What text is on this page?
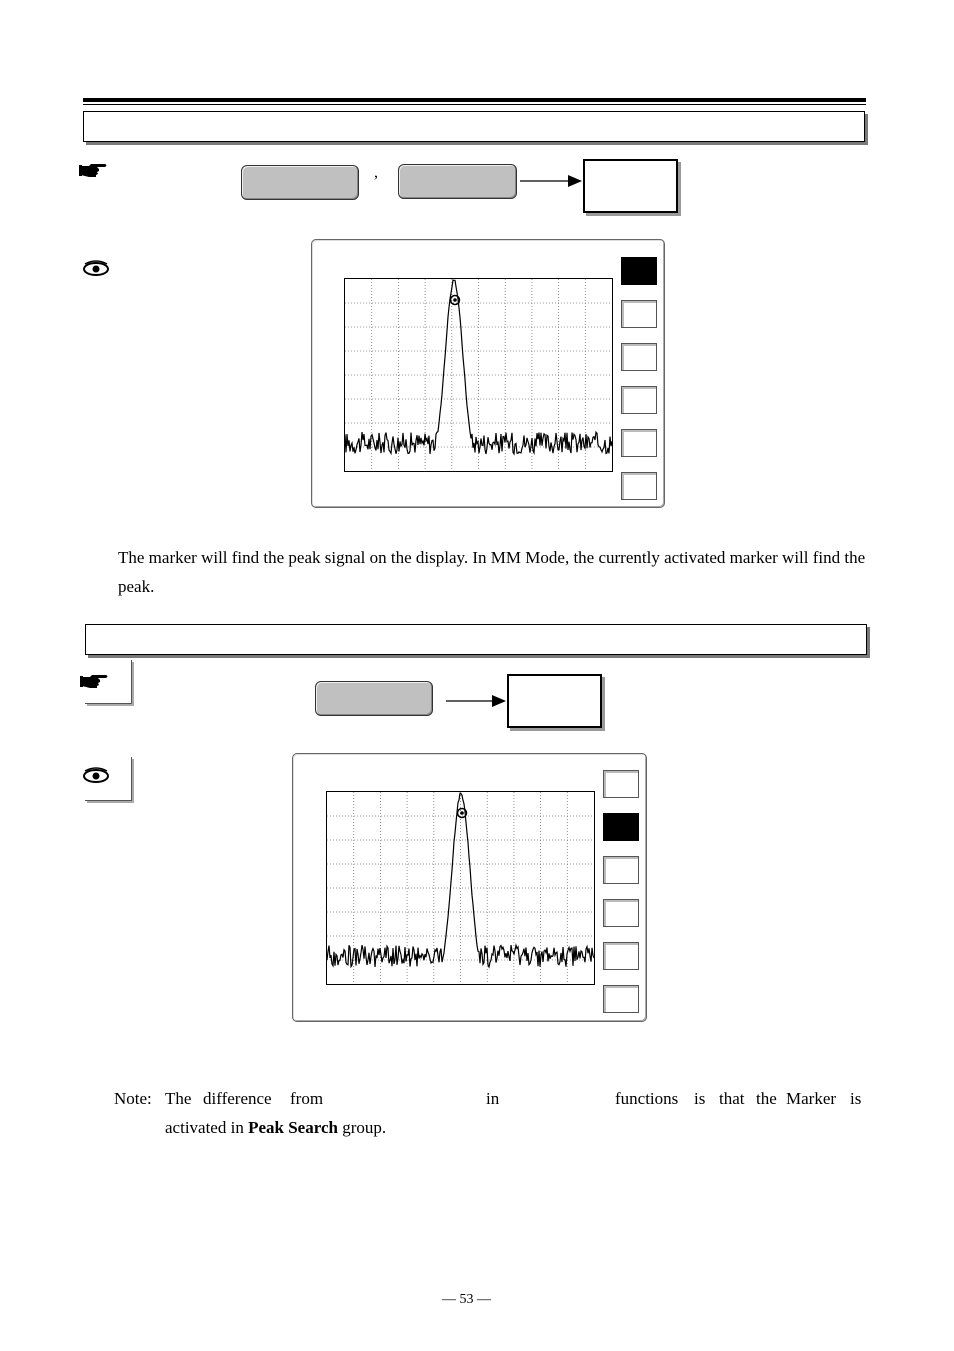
,
The marker will find the peak signal on the display. In MM Mode, the currently activated marker will find the peak.
Note: The difference from	in	functions is that the Marker is
activated in Peak Search group.
— 53 —
